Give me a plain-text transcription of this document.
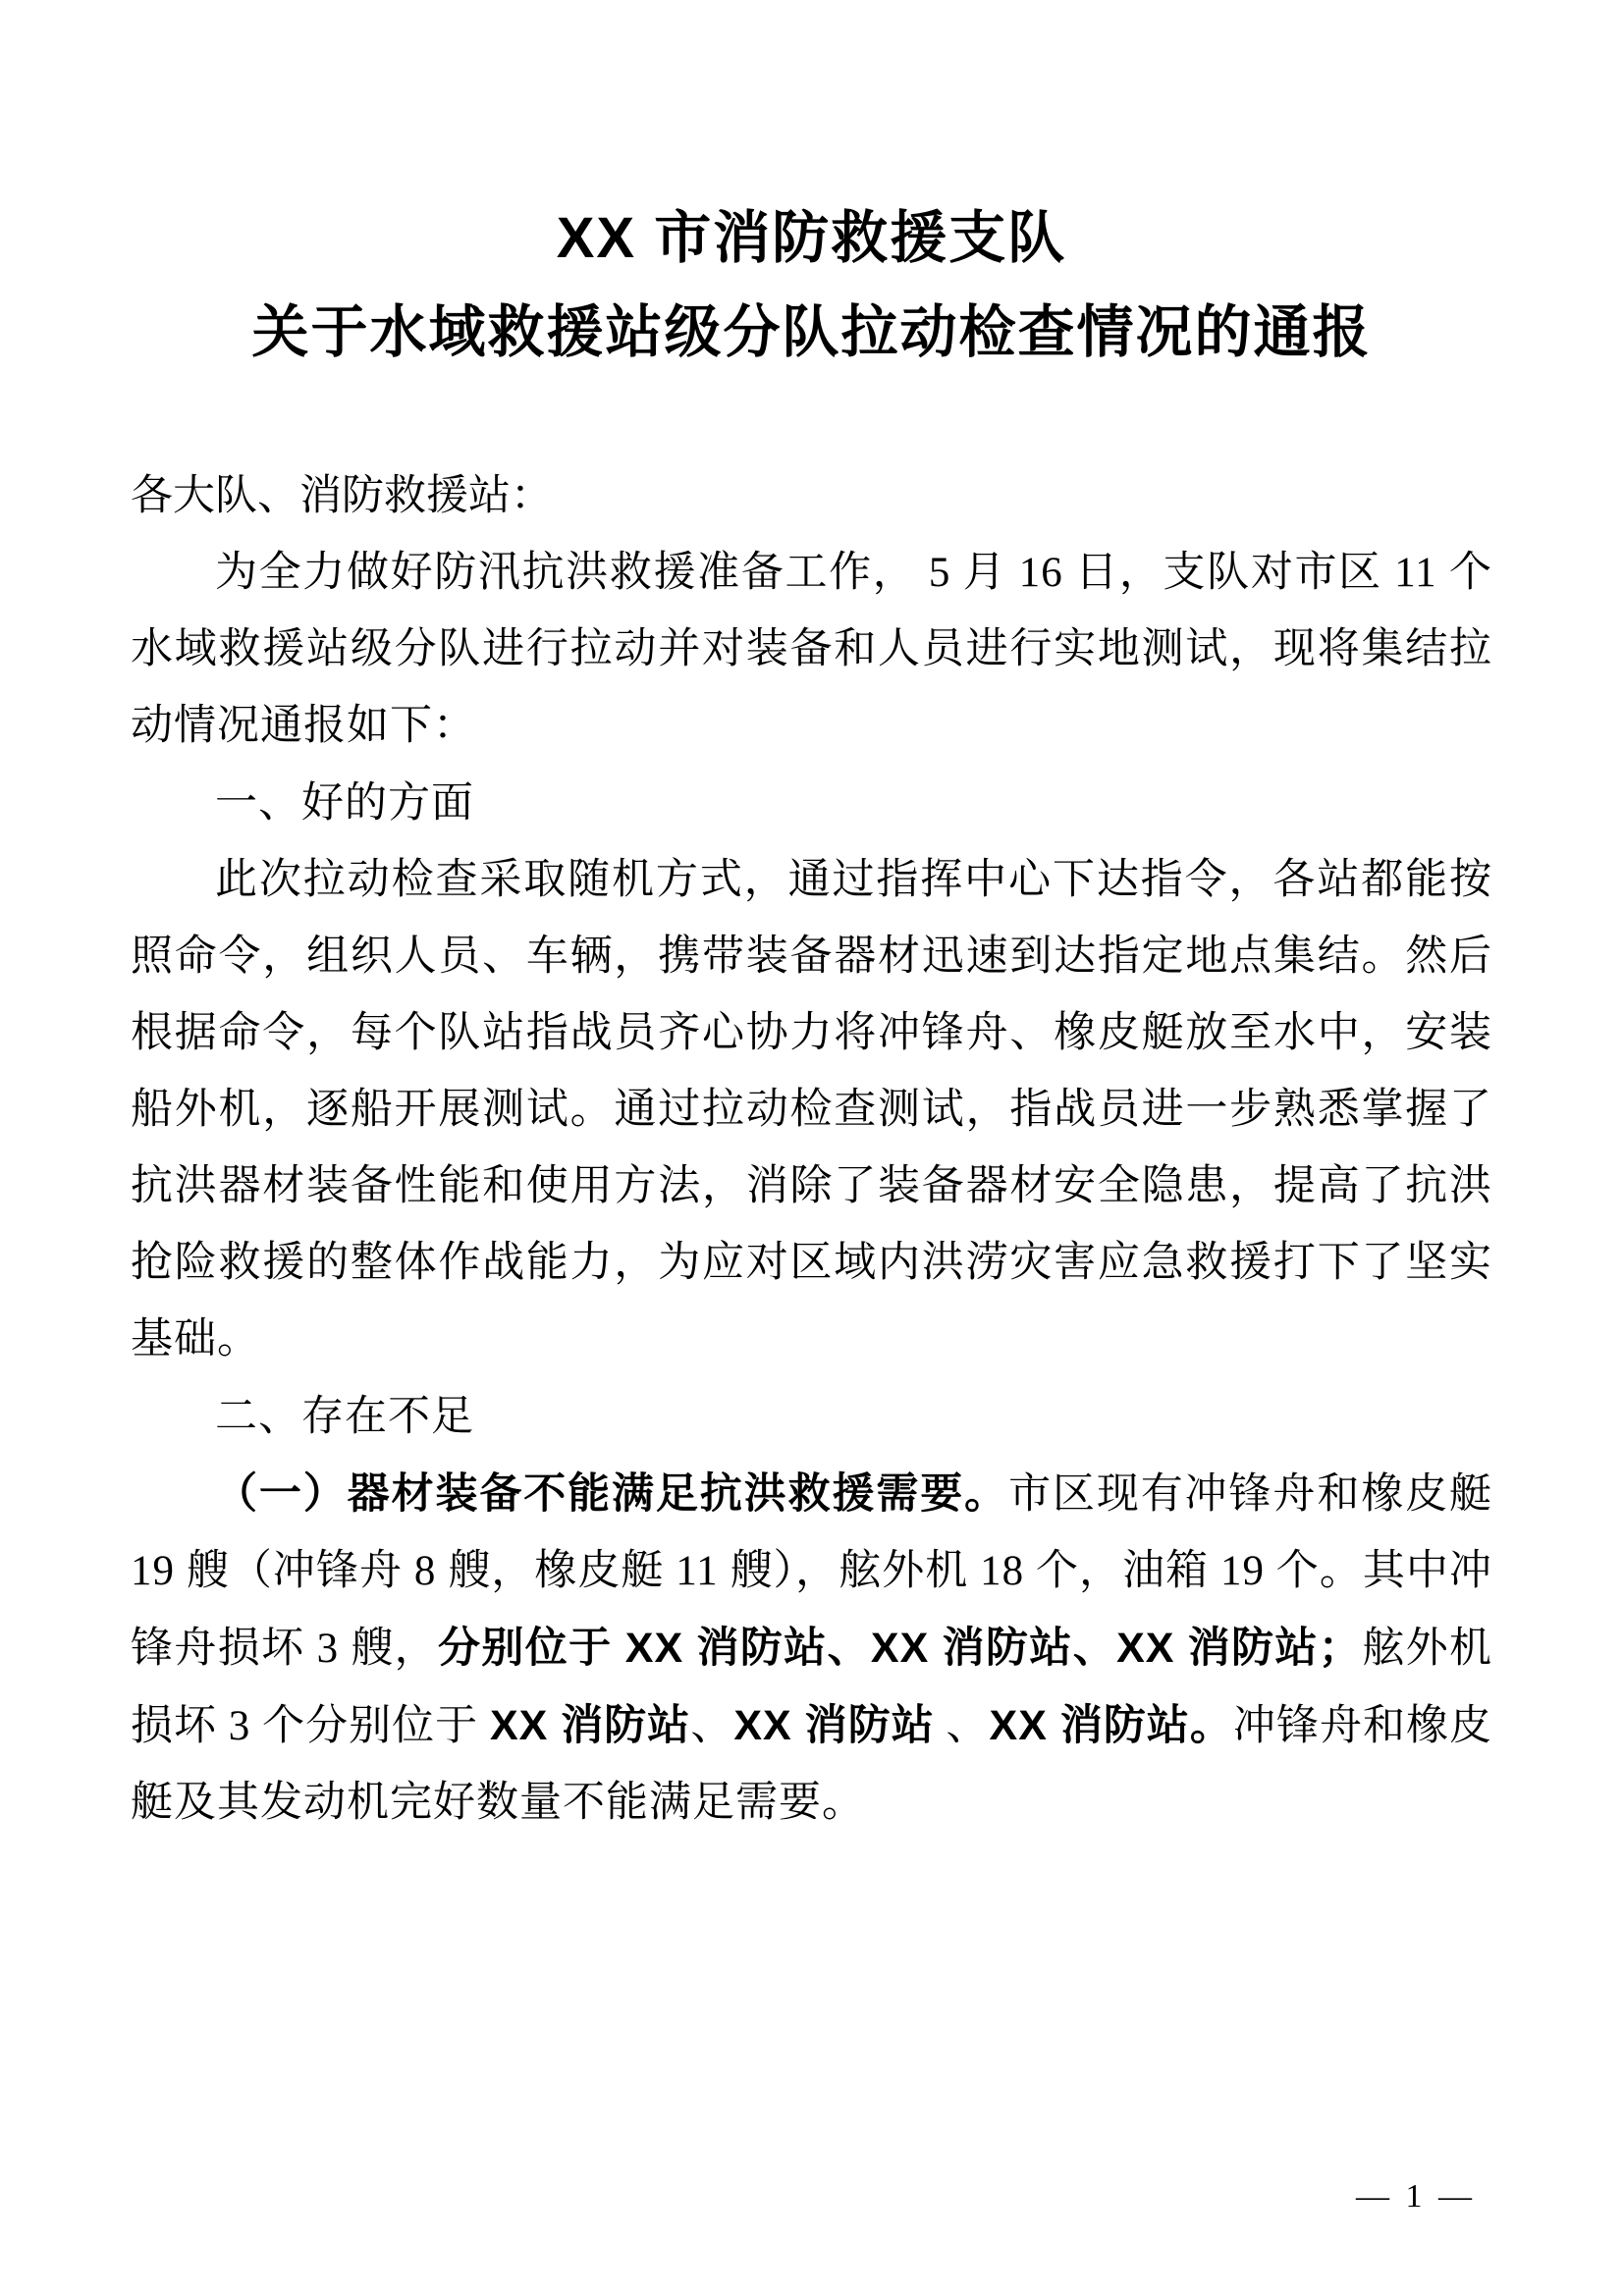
XX 市消防救援支队
关于水域救援站级分队拉动检查情况的通报

各大队、消防救援站：

为全力做好防汛抗洪救援准备工作， 5 月 16 日，支队对市区 11 个水域救援站级分队进行拉动并对装备和人员进行实地测试，现将集结拉动情况通报如下：

一、好的方面

此次拉动检查采取随机方式，通过指挥中心下达指令，各站都能按照命令，组织人员、车辆，携带装备器材迅速到达指定地点集结。然后根据命令，每个队站指战员齐心协力将冲锋舟、橡皮艇放至水中，安装船外机，逐船开展测试。通过拉动检查测试，指战员进一步熟悉掌握了抗洪器材装备性能和使用方法，消除了装备器材安全隐患，提高了抗洪抢险救援的整体作战能力，为应对区域内洪涝灾害应急救援打下了坚实基础。

二、存在不足

（一）器材装备不能满足抗洪救援需要。市区现有冲锋舟和橡皮艇 19 艘（冲锋舟 8 艘，橡皮艇 11 艘），舷外机 18 个，油箱 19 个。其中冲锋舟损坏 3 艘，分别位于 XX 消防站、XX 消防站、XX 消防站；舷外机损坏 3 个分别位于 XX 消防站、XX 消防站 、XX 消防站。冲锋舟和橡皮艇及其发动机完好数量不能满足需要。

— 1 —
